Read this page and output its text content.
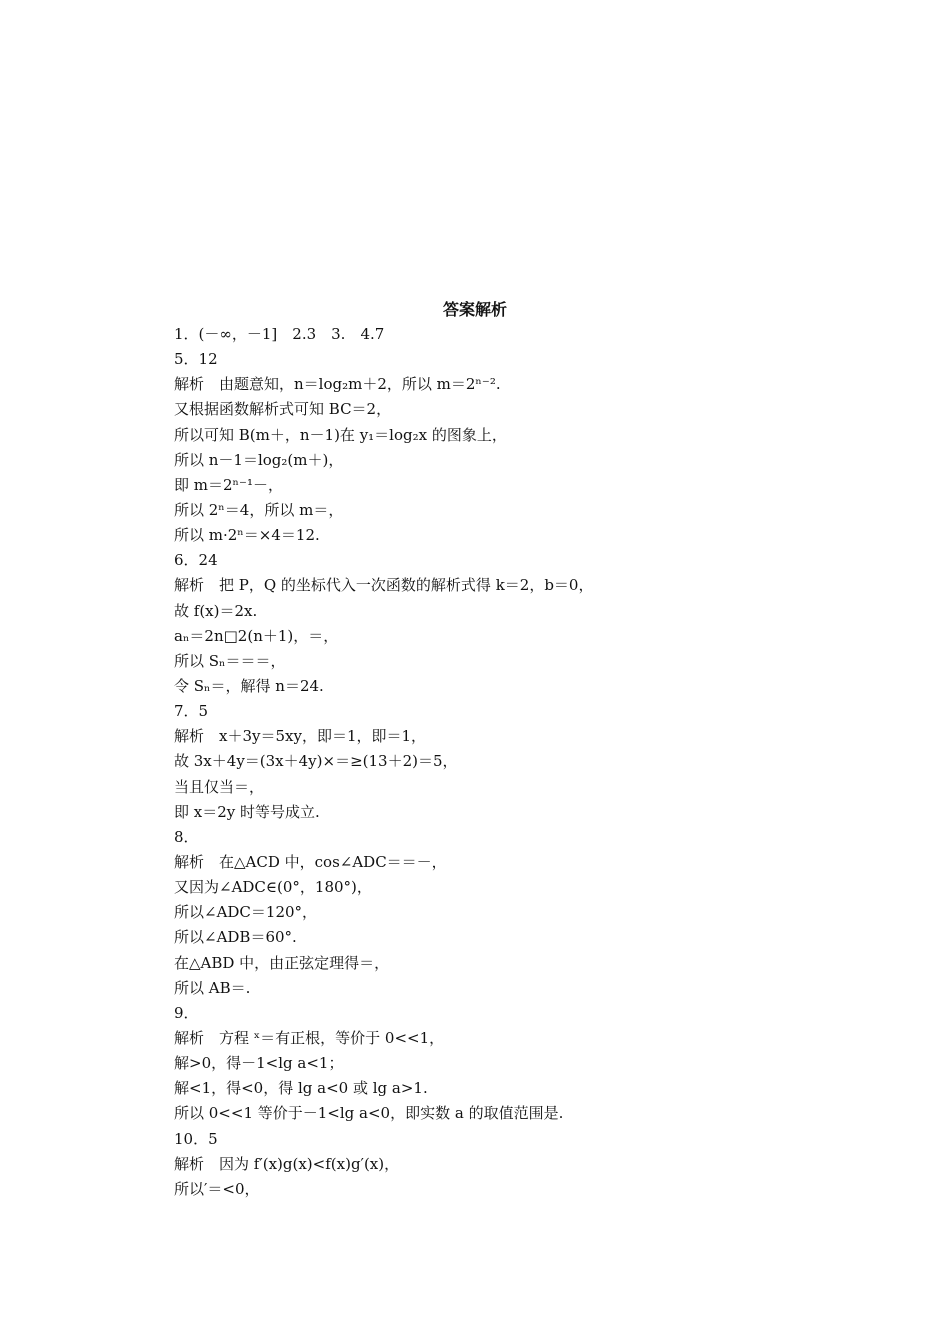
答案解析
1．(－∞，－1]　2.3　3.　4.7
5．12
解析　由题意知，n＝log₂m＋2，所以 m＝2ⁿ⁻².
又根据函数解析式可知 BC＝2，
所以可知 B(m＋，n－1)在 y₁＝log₂x 的图象上，
所以 n－1＝log₂(m＋)，
即 m＝2ⁿ⁻¹－，
所以 2ⁿ＝4，所以 m＝，
所以 m·2ⁿ＝×4＝12.
6．24
解析　把 P，Q 的坐标代入一次函数的解析式得 k＝2，b＝0，
故 f(x)＝2x.
aₙ＝2n□2(n＋1)，＝，
所以 Sₙ＝＝＝，
令 Sₙ＝，解得 n＝24.
7．5
解析　x＋3y＝5xy，即＝1，即＝1，
故 3x＋4y＝(3x＋4y)×＝≥(13＋2)＝5，
当且仅当＝，
即 x＝2y 时等号成立.
8．
解析　在△ACD 中，cos∠ADC＝＝－，
又因为∠ADC∈(0°，180°)，
所以∠ADC＝120°，
所以∠ADB＝60°.
在△ABD 中，由正弦定理得＝，
所以 AB＝.
9．
解析　方程 ˣ＝有正根，等价于 0<<1，
解>0，得－1<lg a<1；
解<1，得<0，得 lg a<0 或 lg a>1.
所以 0<<1 等价于－1<lg a<0，即实数 a 的取值范围是.
10．5
解析　因为 f′(x)g(x)<f(x)g′(x)，
所以′＝<0，
